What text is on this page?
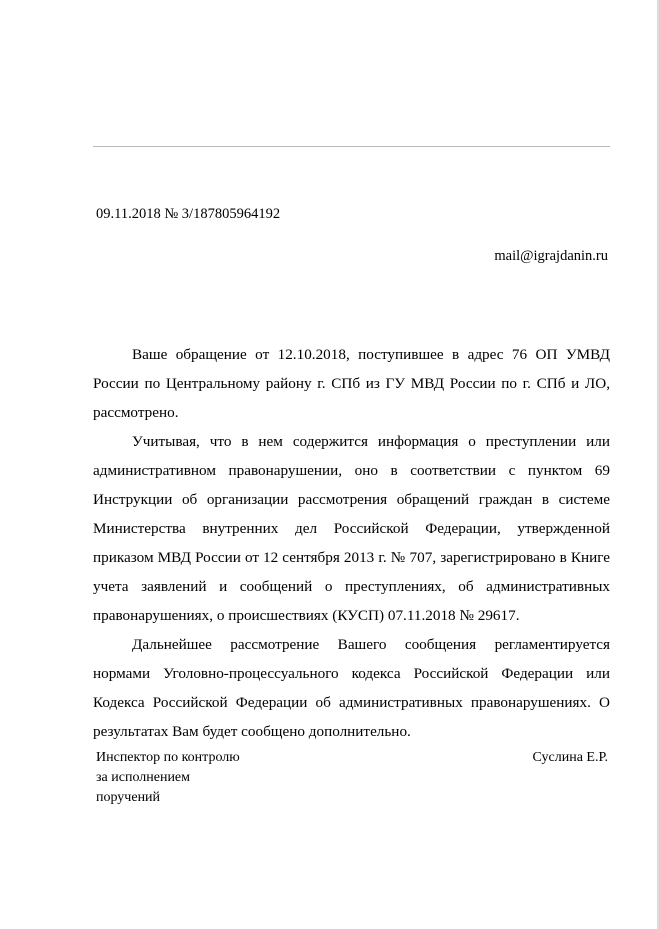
09.11.2018 № 3/187805964192
mail@igrajdanin.ru

Ваше обращение от 12.10.2018, поступившее в адрес 76 ОП УМВД России по Центральному району г. СПб из ГУ МВД России по г. СПб и ЛО, рассмотрено.

Учитывая, что в нем содержится информация о преступлении или административном правонарушении, оно в соответствии с пунктом 69 Инструкции об организации рассмотрения обращений граждан в системе Министерства внутренних дел Российской Федерации, утвержденной приказом МВД России от 12 сентября 2013 г. № 707, зарегистрировано в Книге учета заявлений и сообщений о преступлениях, об административных правонарушениях, о происшествиях (КУСП) 07.11.2018 № 29617.

Дальнейшее рассмотрение Вашего сообщения регламентируется нормами Уголовно-процессуального кодекса Российской Федерации или Кодекса Российской Федерации об административных правонарушениях. О результатах Вам будет сообщено дополнительно.

Инспектор по контролю
за исполнением
поручений
Суслина Е.Р.
